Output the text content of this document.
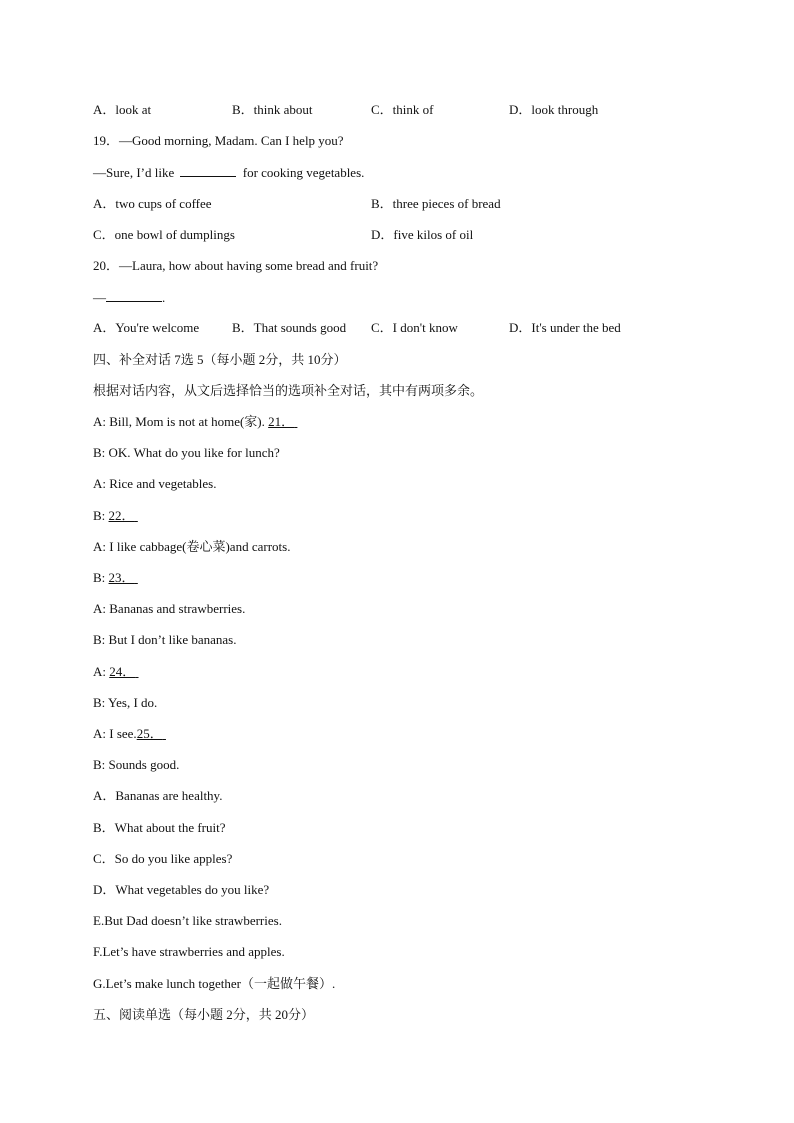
A．look at	B．think about	C．think of	D．look through
19．—Good morning, Madam. Can I help you?
—Sure, I’d like	for cooking vegetables.
A．two cups of coffee	B．three pieces of bread
C．one bowl of dumplings	D．five kilos of oil
20．—Laura, how about having some bread and fruit?
—	.
A．You're welcome	B．That sounds good C．I don't know	D．It's under the bed
四、补全对话 7选 5（每小题 2分，共 10分）
根据对话内容，从文后选择恰当的选项补全对话，其中有两项多余。
A: Bill, Mom is not at home(家). 21．
B: OK. What do you like for lunch?
A: Rice and vegetables.
B: 22．
A: I like cabbage(卷心菜)and carrots.
B: 23．
A: Bananas and strawberries.
B: But I don’t like bananas.
A: 24．
B: Yes, I do.
A: I see.25．
B: Sounds good.
A．Bananas are healthy.
B．What about the fruit?
C．So do you like apples?
D．What vegetables do you like?
E.But Dad doesn’t like strawberries.
F.Let’s have strawberries and apples.
G.Let’s make lunch together（一起做午餐）.
五、阅读单选（每小题 2分，共 20分）
